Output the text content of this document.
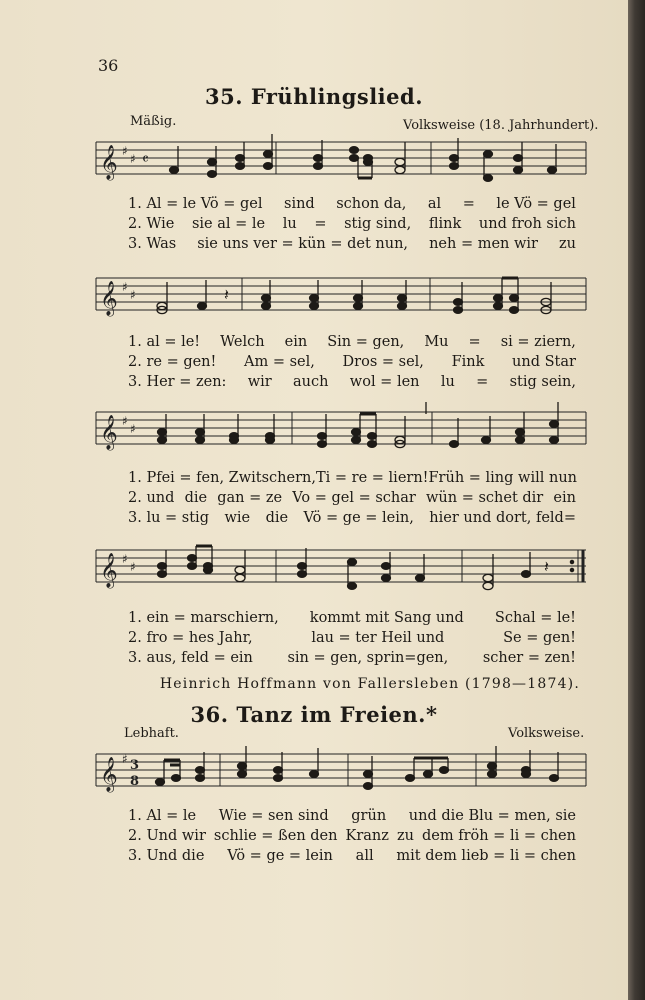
36
35. Frühlingslied.
Mäßig.	Volksweise (18. Jahrhundert).
𝄞 ♯
♯ 𝄴
1. Al = le Vö = gel sind schon da, al = le Vö = gel
2. Wie sie al = le lu = stig sind, flink und froh sich
3. Was sie uns ver = kün = det nun, neh = men wir zu
𝄞 ♯
♯	𝄽
1. al = le! Welch ein Sin = gen, Mu = si = ziern,
2. re = gen! Am = sel, Dros = sel, Fink und Star
3. Her = zen: wir auch wol = len lu = stig sein,
𝄞 ♯
♯
1. Pfei = fen, Zwitschern, Ti = re = liern! Früh = ling will nun
2. und die gan = ze Vo = gel = schar wün = schet dir ein
3. lu = stig wie die Vö = ge = lein, hier und dort, feld=
𝄞 ♯
♯	𝄽
1. ein = marschiern, kommt mit Sang und Schal = le!
2. fro = hes Jahr,	lau = ter Heil und	Se = gen!
3. aus, feld = ein sin = gen, sprin=gen, scher = zen!
Heinrich Hoffmann von Fallersleben (1798—1874).
36. Tanz im Freien.*
Lebhaft.	Volksweise.
𝄞 ♯ 3
8
1. Al = le Wie = sen sind grün und die Blu = men, sie
2. Und wir schlie = ßen den Kranz zu dem fröh = li = chen
3. Und die Vö = ge = lein all mit dem lieb = li = chen
